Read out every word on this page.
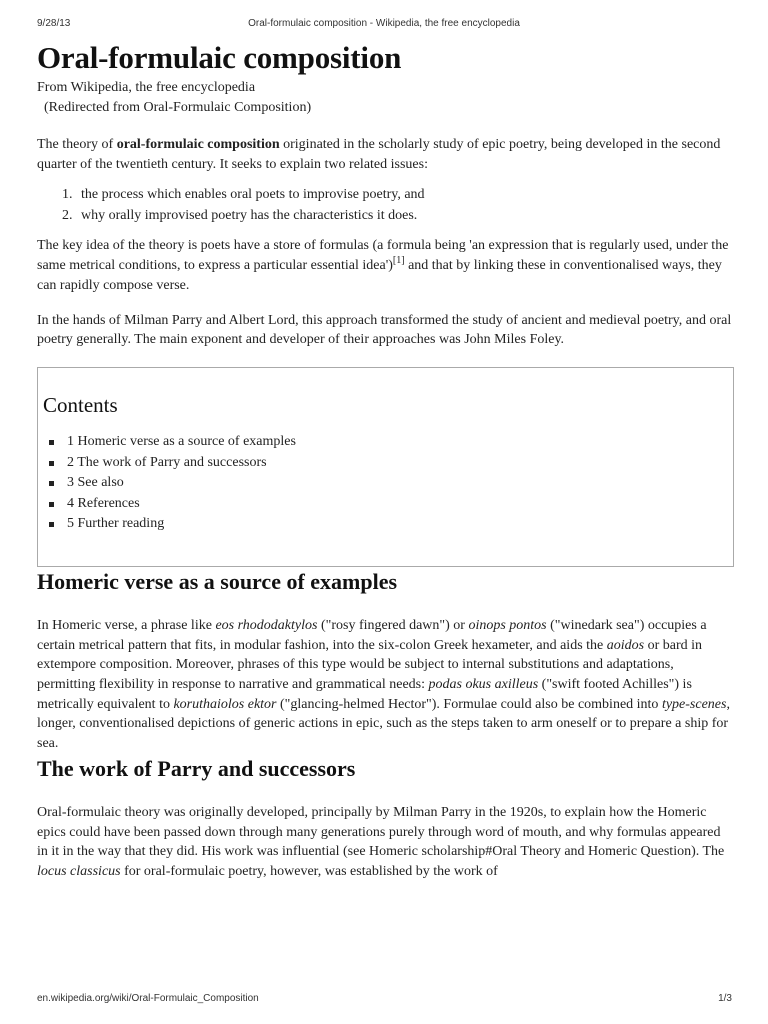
9/28/13	Oral-formulaic composition - Wikipedia, the free encyclopedia
Oral-formulaic composition
From Wikipedia, the free encyclopedia
(Redirected from Oral-Formulaic Composition)

The theory of oral-formulaic composition originated in the scholarly study of epic poetry, being developed in the second quarter of the twentieth century. It seeks to explain two related issues:

1. the process which enables oral poets to improvise poetry, and
2. why orally improvised poetry has the characteristics it does.

The key idea of the theory is poets have a store of formulas (a formula being 'an expression that is regularly used, under the same metrical conditions, to express a particular essential idea')[1] and that by linking these in conventionalised ways, they can rapidly compose verse.

In the hands of Milman Parry and Albert Lord, this approach transformed the study of ancient and medieval poetry, and oral poetry generally. The main exponent and developer of their approaches was John Miles Foley.

Contents
1 Homeric verse as a source of examples
2 The work of Parry and successors
3 See also
4 References
5 Further reading
Homeric verse as a source of examples

In Homeric verse, a phrase like eos rhododaktylos ("rosy fingered dawn") or oinops pontos ("winedark sea") occupies a certain metrical pattern that fits, in modular fashion, into the six-colon Greek hexameter, and aids the aoidos or bard in extempore composition. Moreover, phrases of this type would be subject to internal substitutions and adaptations, permitting flexibility in response to narrative and grammatical needs: podas okus axilleus ("swift footed Achilles") is metrically equivalent to koruthaiolos ektor ("glancing-helmed Hector"). Formulae could also be combined into type-scenes, longer, conventionalised depictions of generic actions in epic, such as the steps taken to arm oneself or to prepare a ship for sea.

The work of Parry and successors

Oral-formulaic theory was originally developed, principally by Milman Parry in the 1920s, to explain how the Homeric epics could have been passed down through many generations purely through word of mouth, and why formulas appeared in it in the way that they did. His work was influential (see Homeric scholarship#Oral Theory and Homeric Question). The locus classicus for oral-formulaic poetry, however, was established by the work of

en.wikipedia.org/wiki/Oral-Formulaic_Composition	1/3
